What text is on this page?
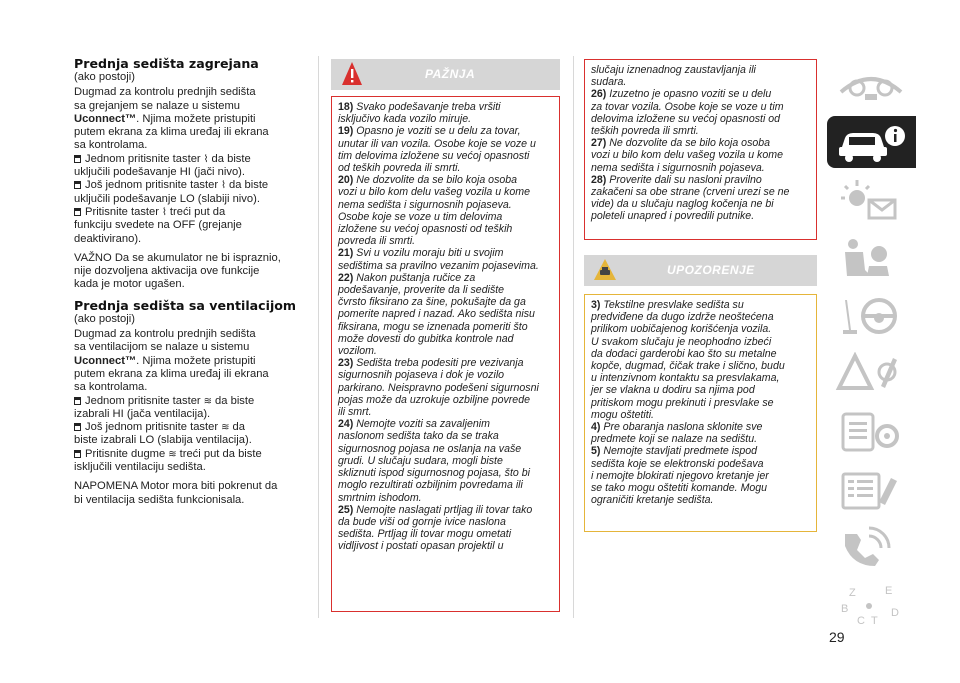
Prednja sedišta zagrejana

(ako postoji)

Dugmad za kontrolu prednjih sedišta

sa grejanjem se nalaze u sistemu

Uconnect™. Njima možete pristupiti

putem ekrana za klima uređaj ili ekrana

sa kontrolama.

Jednom pritisnite taster ⌇ da biste

uključili podešavanje HI (jači nivo).

Još jednom pritisnite taster ⌇ da biste

uključili podešavanje LO (slabiji nivo).

Pritisnite taster ⌇ treći put da

funkciju svedete na OFF (grejanje

deaktivirano).

VAŽNO Da se akumulator ne bi ispraznio,

nije dozvoljena aktivacija ove funkcije

kada je motor ugašen.

Prednja sedišta sa ventilacijom

(ako postoji)

Dugmad za kontrolu prednjih sedišta

sa ventilacijom se nalaze u sistemu

Uconnect™. Njima možete pristupiti

putem ekrana za klima uređaj ili ekrana

sa kontrolama.

Jednom pritisnite taster ≋ da biste

izabrali HI (jača ventilacija).

Još jednom pritisnite taster ≋ da

biste izabrali LO (slabija ventilacija).

Pritisnite dugme ≋ treći put da biste

isključili ventilaciju sedišta.

NAPOMENA Motor mora biti pokrenut da

bi ventilacija sedišta funkcionisala.

PAŽNJA

18) Svako podešavanje treba vršiti

isključivo kada vozilo miruje.

19) Opasno je voziti se u delu za tovar,

unutar ili van vozila. Osobe koje se voze u

tim delovima izložene su većoj opasnosti

od teških povreda ili smrti.

20) Ne dozvolite da se bilo koja osoba

vozi u bilo kom delu vašeg vozila u kome

nema sedišta i sigurnosnih pojaseva.

Osobe koje se voze u tim delovima

izložene su većoj opasnosti od teških

povreda ili smrti.

21) Svi u vozilu moraju biti u svojim

sedištima sa pravilno vezanim pojasevima.

22) Nakon puštanja ručice za

podešavanje, proverite da li sedište

čvrsto fiksirano za šine, pokušajte da ga

pomerite napred i nazad. Ako sedišta nisu

fiksirana, mogu se iznenada pomeriti što

može dovesti do gubitka kontrole nad

vozilom.

23) Sedišta treba podesiti pre vezivanja

sigurnosnih pojaseva i dok je vozilo

parkirano. Neispravno podešeni sigurnosni

pojas može da uzrokuje ozbiljne povrede

ili smrt.

24) Nemojte voziti sa zavaljenim

naslonom sedišta tako da se traka

sigurnosnog pojasa ne oslanja na vaše

grudi. U slučaju sudara, mogli biste

skliznuti ispod sigurnosnog pojasa, što bi

moglo rezultirati ozbiljnim povredama ili

smrtnim ishodom.

25) Nemojte naslagati prtljag ili tovar tako

da bude viši od gornje ivice naslona

sedišta. Prtljag ili tovar mogu ometati

vidljivost i postati opasan projektil u

slučaju iznenadnog zaustavljanja ili

sudara.

26) Izuzetno je opasno voziti se u delu

za tovar vozila. Osobe koje se voze u tim

delovima izložene su većoj opasnosti od

teških povreda ili smrti.

27) Ne dozvolite da se bilo koja osoba

vozi u bilo kom delu vašeg vozila u kome

nema sedišta i sigurnosnih pojaseva.

28) Proverite dali su nasloni pravilno

zakačeni sa obe strane (crveni urezi se ne

vide) da u slučaju naglog kočenja ne bi

poleteli unapred i povredili putnike.

UPOZORENJE

3) Tekstilne presvlake sedišta su

predviđene da dugo izdrže neoštećena

prilikom uobičajenog korišćenja vozila.

U svakom slučaju je neophodno izbeći

da dodaci garderobi kao što su metalne

kopče, dugmad, čičak trake i slično, budu

u intenzivnom kontaktu sa presvlakama,

jer se vlakna u dodiru sa njima pod

pritiskom mogu prekinuti i presvlake se

mogu oštetiti.

4) Pre obaranja naslona sklonite sve

predmete koji se nalaze na sedištu.

5) Nemojte stavljati predmete ispod

sedišta koje se elektronski podešava

i nemojte blokirati njegovo kretanje jer

se tako mogu oštetiti komande. Mogu

ograničiti kretanje sedišta.

Z	E
B
C T
D
29
